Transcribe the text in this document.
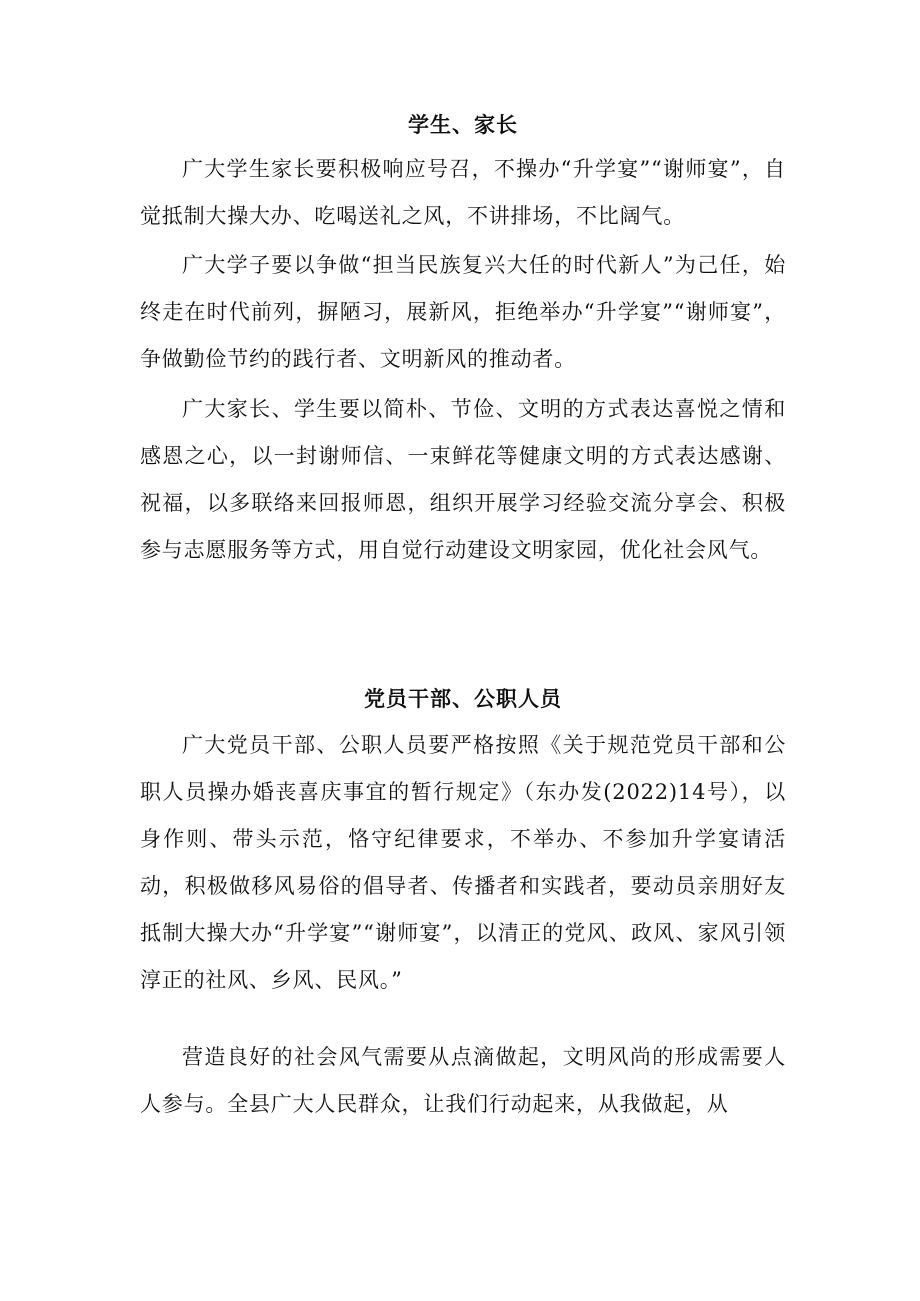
学生、家长

广大学生家长要积极响应号召，不操办“升学宴”“谢师宴”，自觉抵制大操大办、吃喝送礼之风，不讲排场，不比阔气。

广大学子要以争做“担当民族复兴大任的时代新人”为己任，始终走在时代前列，摒陋习，展新风，拒绝举办“升学宴”“谢师宴”，争做勤俭节约的践行者、文明新风的推动者。

广大家长、学生要以简朴、节俭、文明的方式表达喜悦之情和感恩之心，以一封谢师信、一束鲜花等健康文明的方式表达感谢、祝福，以多联络来回报师恩，组织开展学习经验交流分享会、积极参与志愿服务等方式，用自觉行动建设文明家园，优化社会风气。

党员干部、公职人员

广大党员干部、公职人员要严格按照《关于规范党员干部和公职人员操办婚丧喜庆事宜的暂行规定》（东办发(2022)14号），以身作则、带头示范，恪守纪律要求，不举办、不参加升学宴请活动，积极做移风易俗的倡导者、传播者和实践者，要动员亲朋好友抵制大操大办“升学宴”“谢师宴”，以清正的党风、政风、家风引领淳正的社风、乡风、民风。”

营造良好的社会风气需要从点滴做起，文明风尚的形成需要人人参与。全县广大人民群众，让我们行动起来，从我做起，从
